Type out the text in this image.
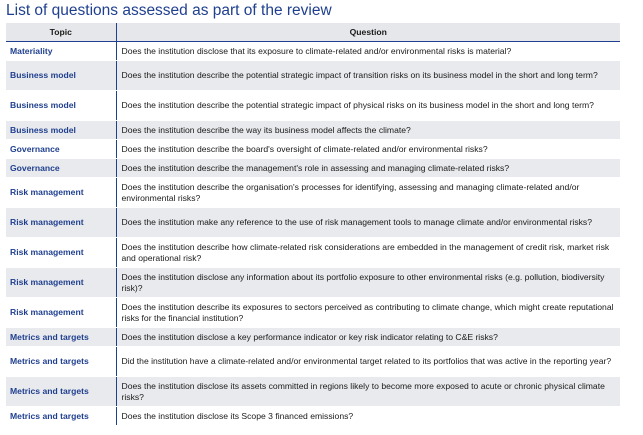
List of questions assessed as part of the review
Topic	Question
Materiality	Does the institution disclose that its exposure to climate-related and/or environmental risks is material?
Business model	Does the institution describe the potential strategic impact of transition risks on its business model in the short and long term?
Business model	Does the institution describe the potential strategic impact of physical risks on its business model in the short and long term?
Business model	Does the institution describe the way its business model affects the climate?
Governance	Does the institution describe the board's oversight of climate-related and/or environmental risks?
Governance	Does the institution describe the management's role in assessing and managing climate-related risks?
Risk management	Does the institution describe the organisation's processes for identifying, assessing and managing climate-related and/or environmental risks?
Risk management	Does the institution make any reference to the use of risk management tools to manage climate and/or environmental risks?
Risk management	Does the institution describe how climate-related risk considerations are embedded in the management of credit risk, market risk and operational risk?
Risk management	Does the institution disclose any information about its portfolio exposure to other environmental risks (e.g. pollution, biodiversity risk)?
Risk management	Does the institution describe its exposures to sectors perceived as contributing to climate change, which might create reputational risks for the financial institution?
Metrics and targets	Does the institution disclose a key performance indicator or key risk indicator relating to C&E risks?
Metrics and targets	Did the institution have a climate-related and/or environmental target related to its portfolios that was active in the reporting year?
Metrics and targets	Does the institution disclose its assets committed in regions likely to become more exposed to acute or chronic physical climate risks?
Metrics and targets	Does the institution disclose its Scope 3 financed emissions?
